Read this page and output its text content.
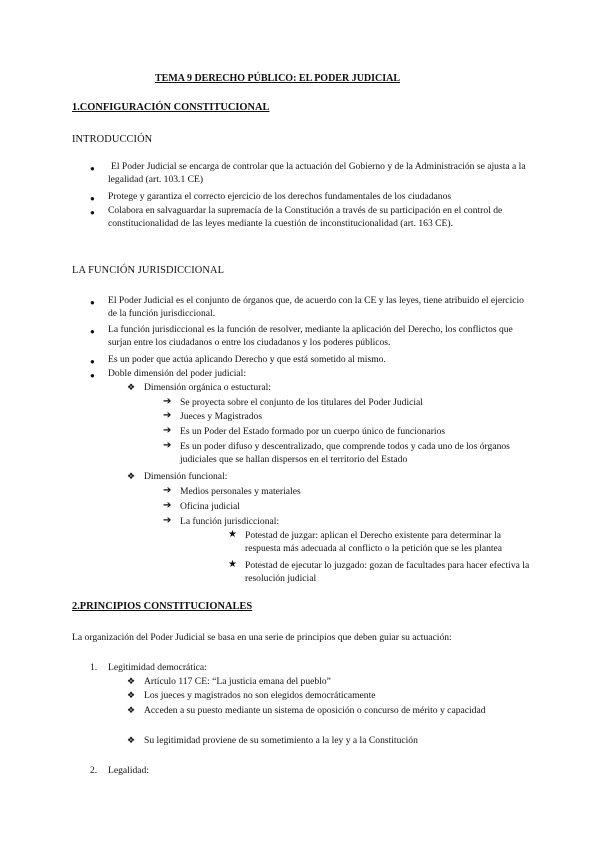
TEMA 9 DERECHO PÚBLICO: EL PODER JUDICIAL
1.CONFIGURACIÓN CONSTITUCIONAL
INTRODUCCIÓN
●	El Poder Judicial se encarga de controlar que la actuación del Gobierno y de la Administración se ajusta a la legalidad (art. 103.1 CE)
● Protege y garantiza el correcto ejercicio de los derechos fundamentales de los ciudadanos
● Colabora en salvaguardar la supremacía de la Constitución a través de su participación en el control de constitucionalidad de las leyes mediante la cuestión de inconstitucionalidad (art. 163 CE).
LA FUNCIÓN JURISDICCIONAL
● El Poder Judicial es el conjunto de órganos que, de acuerdo con la CE y las leyes, tiene atribuido el ejercicio de la función jurisdiccional.
● La función jurisdiccional es la función de resolver, mediante la aplicación del Derecho, los conflictos que surjan entre los ciudadanos o entre los ciudadanos y los poderes públicos.
● Es un poder que actúa aplicando Derecho y que está sometido al mismo.
● Doble dimensión del poder judicial:
❖ Dimensión orgánica o estuctural:
➔ Se proyecta sobre el conjunto de los titulares del Poder Judicial
➔ Jueces y Magistrados
➔ Es un Poder del Estado formado por un cuerpo único de funcionarios
➔ Es un poder difuso y descentralizado, que comprende todos y cada uno de los órganos judiciales que se hallan dispersos en el territorio del Estado
❖ Dimensión funcional:
➔ Medios personales y materiales
➔ Oficina judicial
➔ La función jurisdiccional:
★ Potestad de juzgar: aplican el Derecho existente para determinar la respuesta más adecuada al conflicto o la petición que se les plantea
★ Potestad de ejecutar lo juzgado: gozan de facultades para hacer efectiva la resolución judicial
2.PRINCIPIOS CONSTITUCIONALES
La organización del Poder Judicial se basa en una serie de principios que deben guiar su actuación:
1. Legitimidad democrática:
❖ Artículo 117 CE: “La justicia emana del pueblo”
❖ Los jueces y magistrados no son elegidos democráticamente
❖ Acceden a su puesto mediante un sistema de oposición o concurso de mérito y capacidad
❖ Su legitimidad proviene de su sometimiento a la ley y a la Constitución
2. Legalidad:
